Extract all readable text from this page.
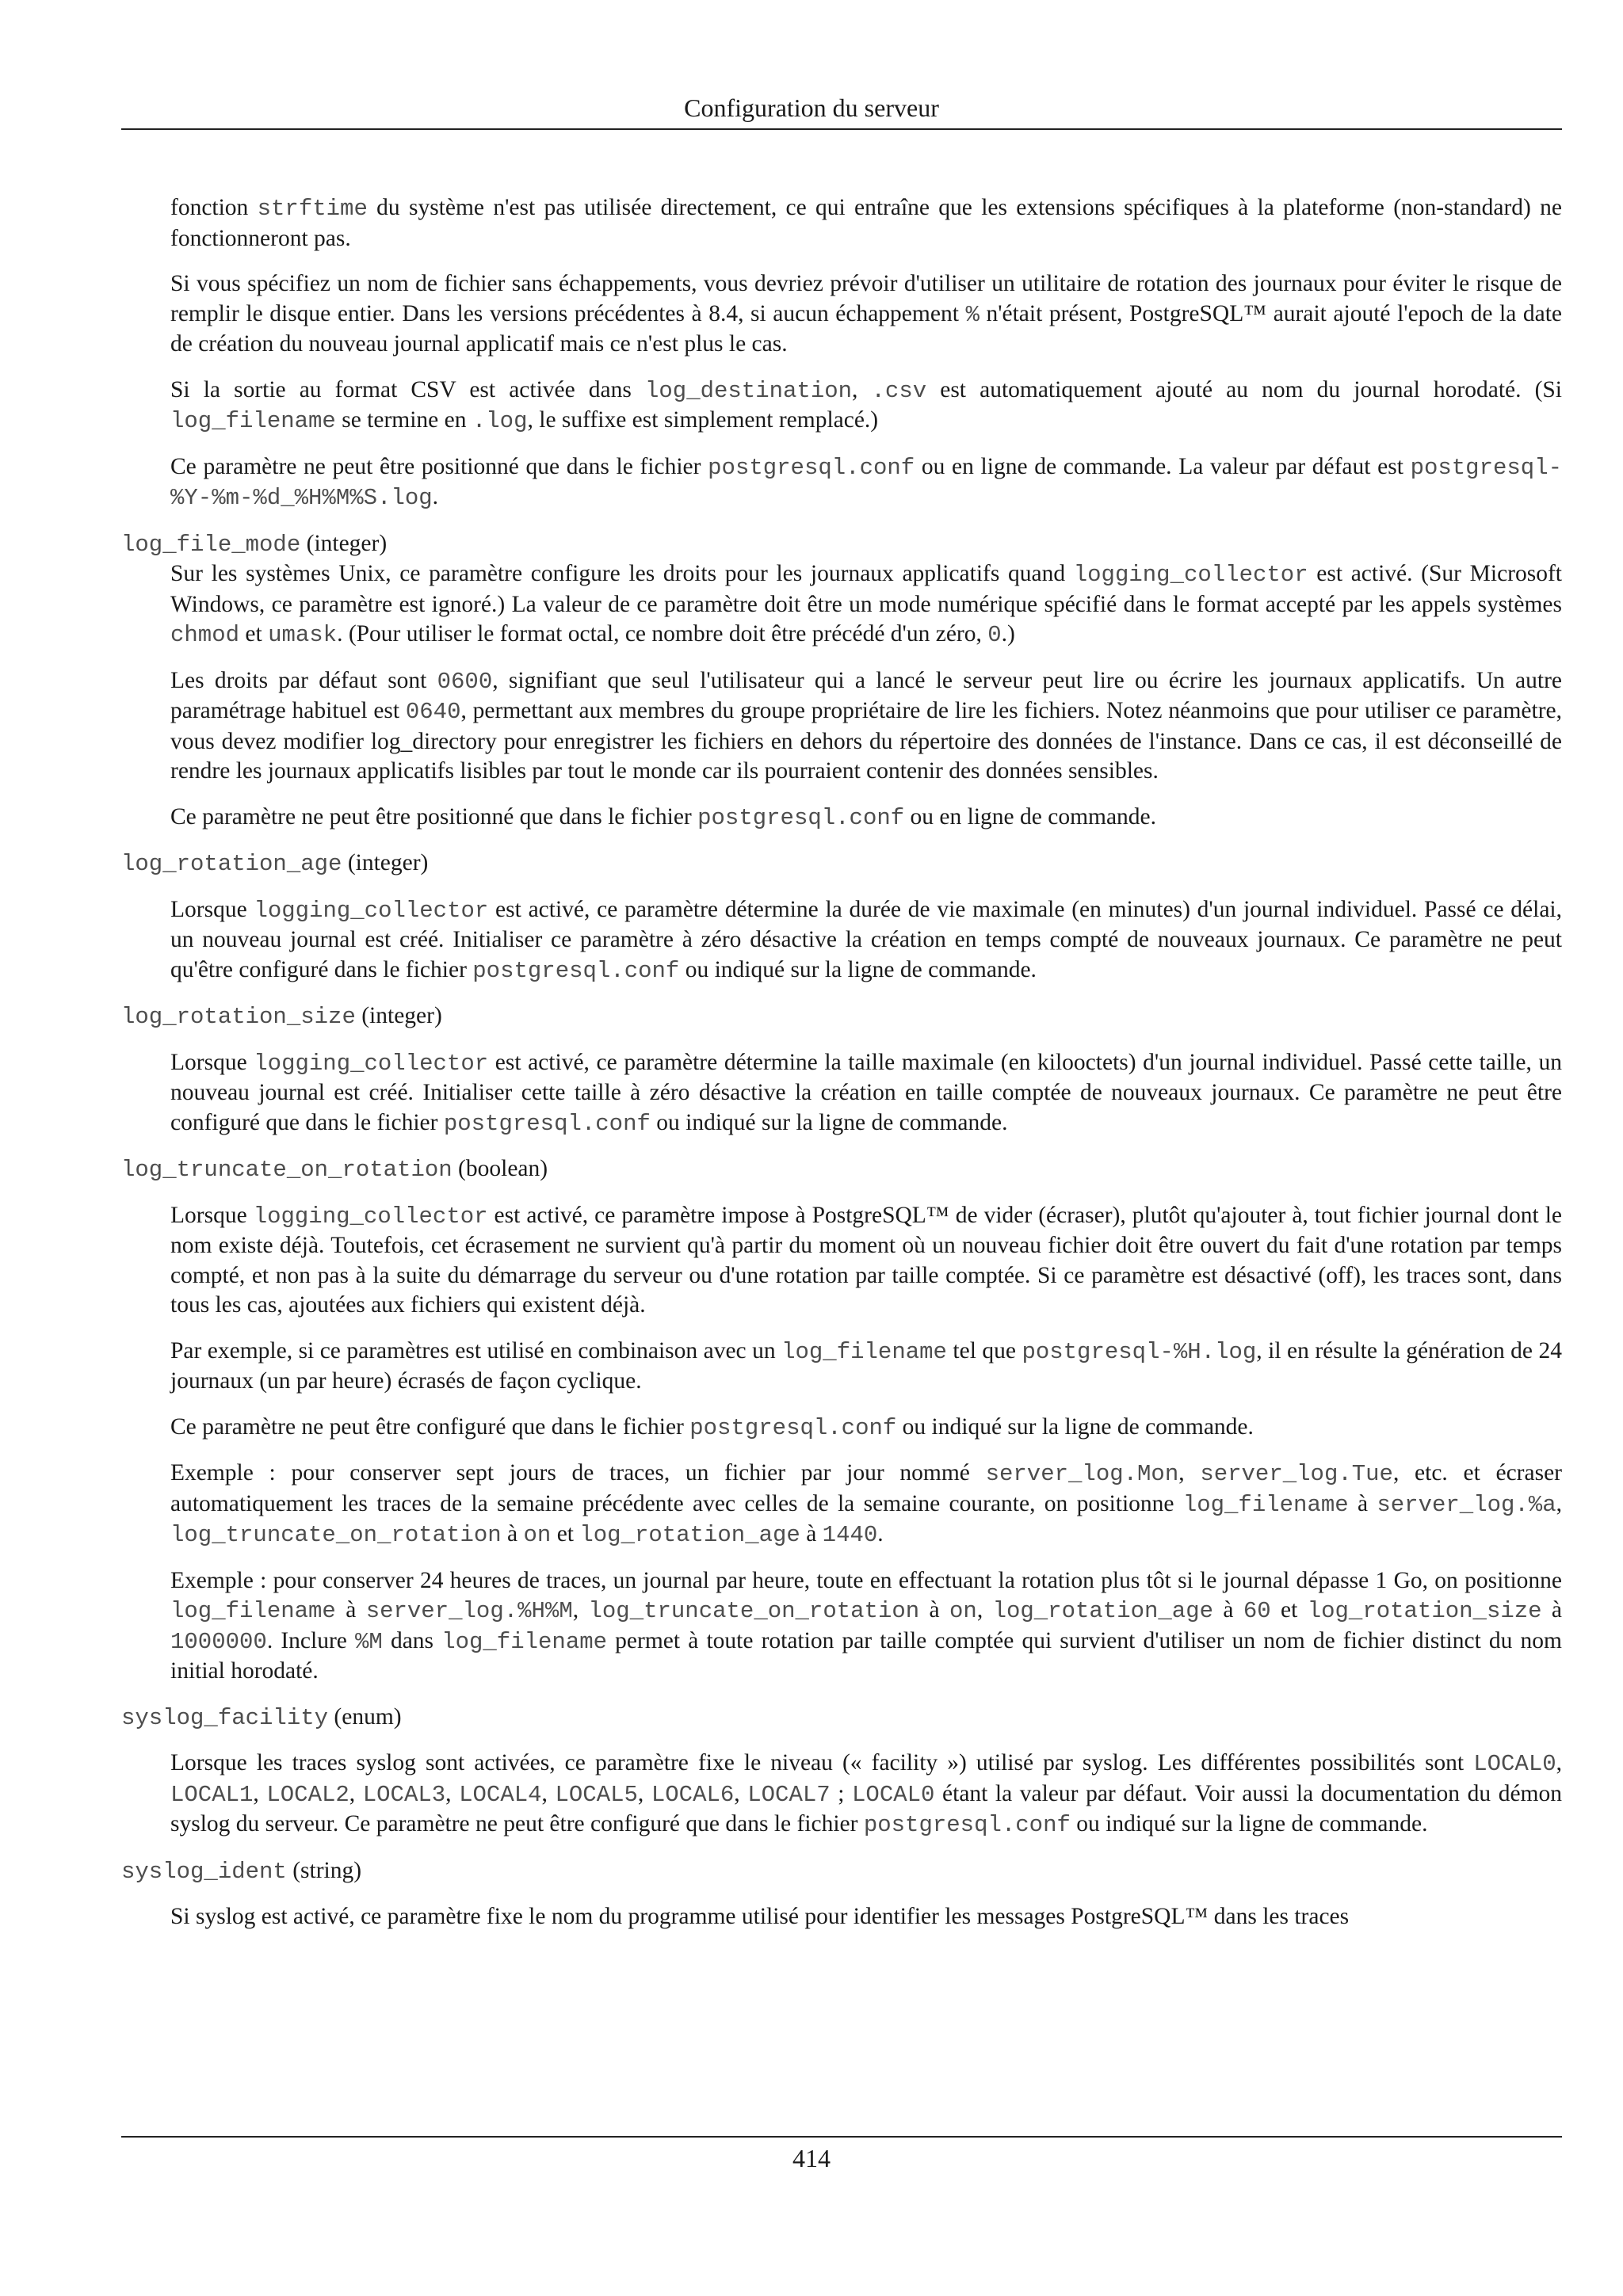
Configuration du serveur

fonction strftime du système n'est pas utilisée directement, ce qui entraîne que les extensions spécifiques à la plateforme (non-standard) ne fonctionneront pas.

Si vous spécifiez un nom de fichier sans échappements, vous devriez prévoir d'utiliser un utilitaire de rotation des journaux pour éviter le risque de remplir le disque entier. Dans les versions précédentes à 8.4, si aucun échappement % n'était présent, PostgreSQL™ aurait ajouté l'epoch de la date de création du nouveau journal applicatif mais ce n'est plus le cas.

Si la sortie au format CSV est activée dans log_destination, .csv est automatiquement ajouté au nom du journal horodaté. (Si log_filename se termine en .log, le suffixe est simplement remplacé.)

Ce paramètre ne peut être positionné que dans le fichier postgresql.conf ou en ligne de commande. La valeur par défaut est postgresql-%Y-%m-%d_%H%M%S.log.

log_file_mode (integer)

Sur les systèmes Unix, ce paramètre configure les droits pour les journaux applicatifs quand logging_collector est activé. (Sur Microsoft Windows, ce paramètre est ignoré.) La valeur de ce paramètre doit être un mode numérique spécifié dans le format accepté par les appels systèmes chmod et umask. (Pour utiliser le format octal, ce nombre doit être précédé d'un zéro, 0.)

Les droits par défaut sont 0600, signifiant que seul l'utilisateur qui a lancé le serveur peut lire ou écrire les journaux applicatifs. Un autre paramétrage habituel est 0640, permettant aux membres du groupe propriétaire de lire les fichiers. Notez néanmoins que pour utiliser ce paramètre, vous devez modifier log_directory pour enregistrer les fichiers en dehors du répertoire des données de l'instance. Dans ce cas, il est déconseillé de rendre les journaux applicatifs lisibles par tout le monde car ils pourraient contenir des données sensibles.

Ce paramètre ne peut être positionné que dans le fichier postgresql.conf ou en ligne de commande.

log_rotation_age (integer)

Lorsque logging_collector est activé, ce paramètre détermine la durée de vie maximale (en minutes) d'un journal individuel. Passé ce délai, un nouveau journal est créé. Initialiser ce paramètre à zéro désactive la création en temps compté de nouveaux journaux. Ce paramètre ne peut qu'être configuré dans le fichier postgresql.conf ou indiqué sur la ligne de commande.

log_rotation_size (integer)

Lorsque logging_collector est activé, ce paramètre détermine la taille maximale (en kilooctets) d'un journal individuel. Passé cette taille, un nouveau journal est créé. Initialiser cette taille à zéro désactive la création en taille comptée de nouveaux journaux. Ce paramètre ne peut être configuré que dans le fichier postgresql.conf ou indiqué sur la ligne de commande.

log_truncate_on_rotation (boolean)

Lorsque logging_collector est activé, ce paramètre impose à PostgreSQL™ de vider (écraser), plutôt qu'ajouter à, tout fichier journal dont le nom existe déjà. Toutefois, cet écrasement ne survient qu'à partir du moment où un nouveau fichier doit être ouvert du fait d'une rotation par temps compté, et non pas à la suite du démarrage du serveur ou d'une rotation par taille comptée. Si ce paramètre est désactivé (off), les traces sont, dans tous les cas, ajoutées aux fichiers qui existent déjà.

Par exemple, si ce paramètres est utilisé en combinaison avec un log_filename tel que postgresql-%H.log, il en résulte la génération de 24 journaux (un par heure) écrasés de façon cyclique.

Ce paramètre ne peut être configuré que dans le fichier postgresql.conf ou indiqué sur la ligne de commande.

Exemple : pour conserver sept jours de traces, un fichier par jour nommé server_log.Mon, server_log.Tue, etc. et écraser automatiquement les traces de la semaine précédente avec celles de la semaine courante, on positionne log_filename à server_log.%a, log_truncate_on_rotation à on et log_rotation_age à 1440.

Exemple : pour conserver 24 heures de traces, un journal par heure, toute en effectuant la rotation plus tôt si le journal dépasse 1 Go, on positionne log_filename à server_log.%H%M, log_truncate_on_rotation à on, log_rotation_age à 60 et log_rotation_size à 1000000. Inclure %M dans log_filename permet à toute rotation par taille comptée qui survient d'utiliser un nom de fichier distinct du nom initial horodaté.

syslog_facility (enum)

Lorsque les traces syslog sont activées, ce paramètre fixe le niveau (« facility ») utilisé par syslog. Les différentes possibilités sont LOCAL0, LOCAL1, LOCAL2, LOCAL3, LOCAL4, LOCAL5, LOCAL6, LOCAL7 ; LOCAL0 étant la valeur par défaut. Voir aussi la documentation du démon syslog du serveur. Ce paramètre ne peut être configuré que dans le fichier postgresql.conf ou indiqué sur la ligne de commande.

syslog_ident (string)

Si syslog est activé, ce paramètre fixe le nom du programme utilisé pour identifier les messages PostgreSQL™ dans les traces

414
